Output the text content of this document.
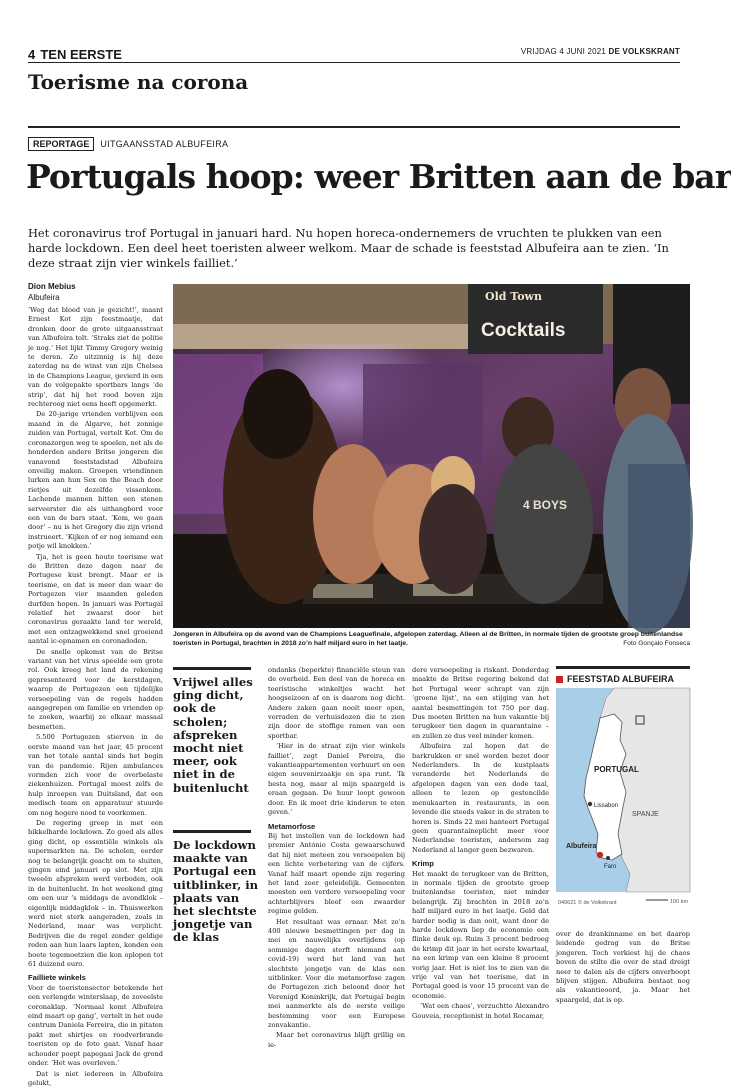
4 TEN EERSTE	VRIJDAG 4 JUNI 2021 DE VOLKSKRANT
Toerisme na corona
REPORTAGE	UITGAANSSTAD ALBUFEIRA
Portugals hoop: weer Britten aan de bar

Het coronavirus trof Portugal in januari hard. Nu hopen horeca-ondernemers de vruchten te plukken van een harde lockdown. Een deel heet toeristen alweer welkom. Maar de schade is feeststad Albufeira aan te zien. ‘In deze straat zijn vier winkels failliet.’

Dion Mebius
Albufeira

‘Weg dat bloed van je gezicht!’, maant Ernest Kot zijn feestmaatje, dat dronken door de grote uitgaansstraat van Albufeira tolt. ‘Straks ziet de politie je nog.’ Het lijkt Timmy Gregory weinig te deren. Zo uitzinnig is hij deze zaterdag na de winst van zijn Chelsea in de Champions League, gevierd in een van de volgepakte sportbars langs ‘de strip’, dat hij het rood boven zijn rechteroog niet eens heeft opgemerkt.

De 20-jarige vrienden verblijven een maand in de Algarve, het zonnige zuiden van Portugal, vertelt Kot. Om de coronazorgen weg te spoelen, net als de honderden andere Britse jongeren die vanavond feeststadstad Albufeira onveilig maken. Groepen vriendinnen lurken aan hun Sex on the Beach door rietjes uit dezelfde vissenkom. Lachende mannen bitten een stenen serveerster die als uithangbord voor een van de bars staat. ‘Kom, we gaan door’ – nu is het Gregory die zijn vriend instrueert. ‘Kijken of er nog iemand een potje wil knokken.’

Tja, het is geen houte toerisme wat de Britten deze dagen naar de Portugese kust brengt. Maar er is toerisme, en dat is meer dan waar de Portugezen vier maanden geleden durfden hopen. In januari was Portugal relatief het zwaarst door het coronavirus geraakte land ter wereld, met een ontzagwekkend snel groeiend aantal ic-opnamen en coronadoden.

De snelle opkomst van de Britse variant van het virus speelde een grote rol. Ook kreeg het land de rekening gepresenteerd voor de kerstdagen, waarop de Portugezen een tijdelijke versoepeling van de regels hadden aangegrepen om familie en vrienden op te zoeken, waarbij ze elkaar massaal besmetten.

5.500 Portugezen stierven in de eerste maand van het jaar, 45 procent van het totale aantal sinds het begin van de pandemie. Rijen ambulances vormden zich voor de overbelaste ziekenhuizen. Portugal moest zelfs de hulp inroepen van Duitsland, dat een medisch team en apparatuur stuurde om nog hogere nood te voorkomen.

De regering greep in met een bikkelharde lockdown. Zo goed als alles ging dicht, op essentiële winkels als supermarkten na. De scholen, eerder nog te belangrijk geacht om te sluiten, gingen eind januari op slot. Met zijn tweeën afspreken werd verboden, ook in de buitenlucht. In het weekend ging om een uur ’s middags de avondklok – eigenlijk middagklok – in. Thuiswerken werd niet sterk aangeraden, zoals in Nederland, maar was verplicht. Bedrijven die de regel zonder geldige reden aan hun laars lapten, konden een boete tegemoetzien die kon oplopen tot 61 duizend euro.

Failliete winkels

Voor de toeristensector betekende het een verlengde winterslaap, de zoveelste coronaklap. ‘Normaal komt Albufeira eind maart op gang’, vertelt in het oude centrum Daniela Ferreira, die in pitaten pakt met shirtjes en roodverbrande toeristen op de foto gaat. Vanaf haar schouder poept papegaai Jack de grond onder. ‘Het was overleven.’

Dat is niet iedereen in Albufeira gelukt,

Old Town
Cocktails
4 BOYS
Jongeren in Albufeira op de avond van de Champions Leaguefinale, afgelopen zaterdag. Alleen al de Britten, in normale tijden de grootste groep buitenlandse toeristen in Portugal, brachten in 2018 zo’n half miljard euro in het laatje.	Foto Gonçalo Fonseca
Vrijwel alles ging dicht, ook de scholen; afspreken mocht niet meer, ook niet in de buitenlucht
De lockdown maakte van Portugal een uitblinker, in plaats van het slechtste jongetje van de klas

ondanks (beperkte) financiële steun van de overheid. Een deel van de horeca en toeristische winkeltjes wacht het hoogseizoen af en is daarom nog dicht. Andere zaken gaan nooit meer open, verraden de verhuisdozen die te zien zijn door de stoffige ramen van een sportbar.

‘Hier in de straat zijn vier winkels failliet’, zegt Daniel Pereira, die vakantieappartementen verhuurt en een eigen souvenirzaakje en spa runt. ‘Ik besta nog, maar al mijn spaargeld is eraan gegaan. De huur loopt gewoon door. En ik moet drie kinderen te eten geven.’

Metamorfose

Bij het instellen van de lockdown had premier António Costa gewaarschuwd dat hij niet meteen zou versoepelen bij een lichte verbetering van de cijfers. Vanaf half maart opende zijn regering het land zeer geleidelijk. Gemeenten moesten een verdere versoepeling voor achterblijvers bleef een zwaarder regime gelden.

Het resultaat was ernaar. Met zo’n 400 nieuwe besmettingen per dag in mei en nauwelijks overlijdens (op sommige dagen sterft niemand aan covid-19) werd het land van het slechtste jongetje van de klas een uitblinker. Voor die metamorfose zagen de Portugezen zich beloond door het Verenigd Koninkrijk, dat Portugal begin mei aanmerkte als de eerste veilige bestemming voor een Europese zonvakantie.

Maar het coronavirus blijft grillig en ie-

dere versoepeling is riskant. Donderdag maakte de Britse regering bekend dat het Portugal weer schrapt van zijn ‘groene lijst’, na een stijging van het aantal besmettingen tot 750 per dag. Dus moeten Britten na hun vakantie bij terugkeer tien dagen in quarantaine – en zullen ze dus veel minder komen.

Albufeira zal hopen dat de barkrukken er snel worden bezet door Nederlanders. In de kustplaats veranderde het Nederlands de afgelopen dagen van een dode taal, alleen te lezen op gestencilde menukaarten in restaurants, in een levende die steeds vaker in de straten te horen is. Sinds 22 mei hanteert Portugal geen quarantaineplicht meer voor Nederlandse toeristen, andersom zag Nederland al langer geen bezwaren.

Krimp

Het maakt de terugkeer van de Britten, in normale tijden de grootste groep buitenlandse toeristen, niet minder belangrijk. Zij brachten in 2018 zo’n half miljard euro in het laatje. Geld dat harder nodig is dan ooit, want door de harde lockdown liep de economie een flinke deuk op. Ruim 3 procent bedroeg de krimp dit jaar in het eerste kwartaal, na een krimp van een kleine 8 procent vorig jaar. Het is niet los te zien van de vrije val van het toerisme, dat in Portugal goed is voor 15 procent van de economie.

‘Wat een chaos’, verzuchtte Alexandro Gouveia, receptionist in hotel Rocamar,

FEESTSTAD ALBUFEIRA
PORTUGAL
SPANJE
Lissabon
Albufeira
Faro
040621 © de Volkskrant	100 km

over de drankinname en het daarop leidende gedrag van de Britse jongeren. Toch verkiest hij de chaos boven de stilte die over de stad dreigt neer te dalen als de cijfers onverhoopt blijven stijgen. Albufeira bestaat nog als vakantieoord, ja. Maar het spaargeld, dat is op.
